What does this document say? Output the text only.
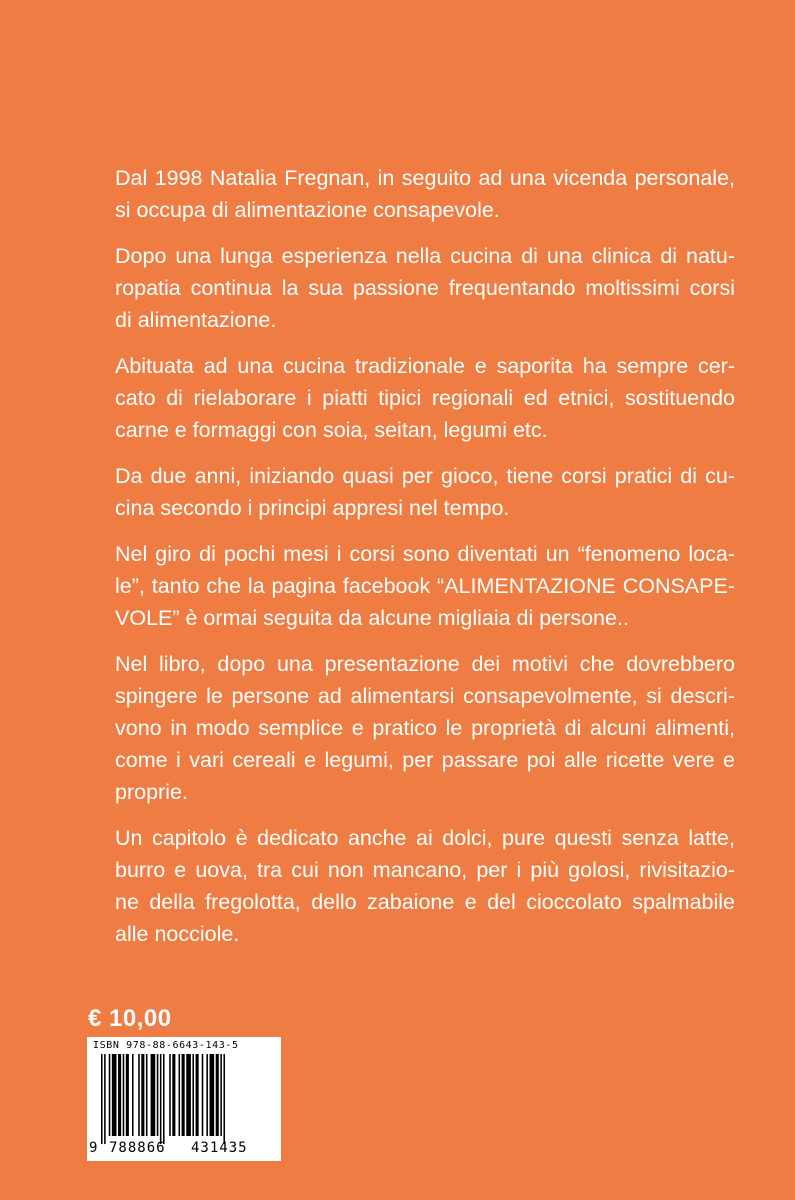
Dal 1998 Natalia Fregnan, in seguito ad una vicenda personale,
si occupa di alimentazione consapevole.
Dopo una lunga esperienza nella cucina di una clinica di natu-
ropatia continua la sua passione frequentando moltissimi corsi
di alimentazione.
Abituata ad una cucina tradizionale e saporita ha sempre cer-
cato di rielaborare i piatti tipici regionali ed etnici, sostituendo
carne e formaggi con soia, seitan, legumi etc.
Da due anni, iniziando quasi per gioco, tiene corsi pratici di cu-
cina secondo i principi appresi nel tempo.
Nel giro di pochi mesi i corsi sono diventati un “fenomeno loca-
le”, tanto che la pagina facebook “ALIMENTAZIONE CONSAPE-
VOLE” è ormai seguita da alcune migliaia di persone..
Nel libro, dopo una presentazione dei motivi che dovrebbero
spingere le persone ad alimentarsi consapevolmente, si descri-
vono in modo semplice e pratico le proprietà di alcuni alimenti,
come i vari cereali e legumi, per passare poi alle ricette vere e
proprie.
Un capitolo è dedicato anche ai dolci, pure questi senza latte,
burro e uova, tra cui non mancano, per i più golosi, rivisitazio-
ne della fregolotta, dello zabaione e del cioccolato spalmabile
alle nocciole.
€ 10,00
ISBN 978-88-6643-143-5
9 788866 431435
